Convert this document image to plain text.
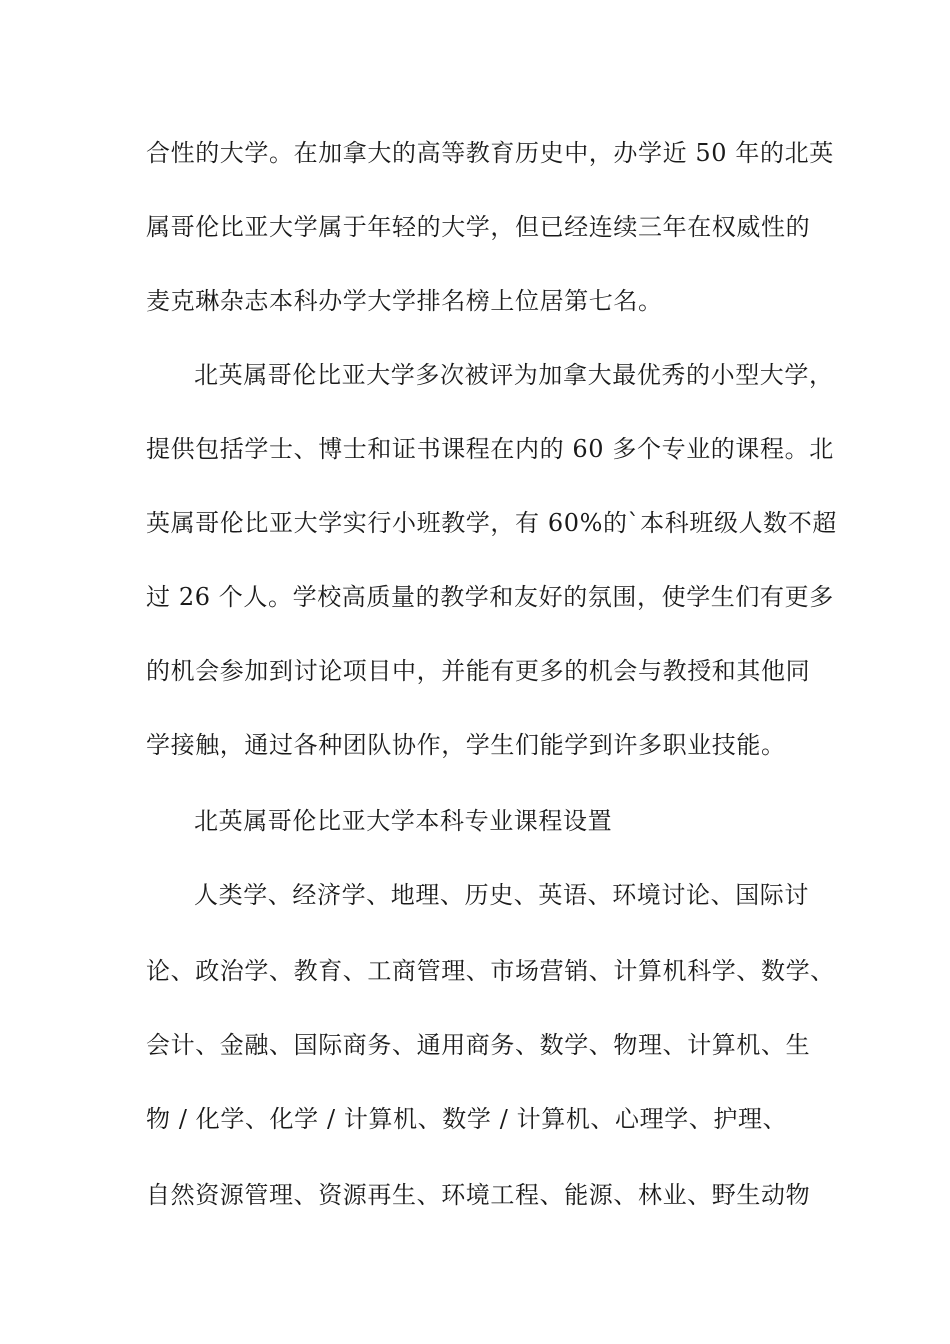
合性的大学。在加拿大的高等教育历史中，办学近 50 年的北英
属哥伦比亚大学属于年轻的大学，但已经连续三年在权威性的
麦克琳杂志本科办学大学排名榜上位居第七名。
北英属哥伦比亚大学多次被评为加拿大最优秀的小型大学，
提供包括学士、博士和证书课程在内的 60 多个专业的课程。北
英属哥伦比亚大学实行小班教学，有 60%的`本科班级人数不超
过 26 个人。学校高质量的教学和友好的氛围，使学生们有更多
的机会参加到讨论项目中，并能有更多的机会与教授和其他同
学接触，通过各种团队协作，学生们能学到许多职业技能。
北英属哥伦比亚大学本科专业课程设置
人类学、经济学、地理、历史、英语、环境讨论、国际讨
论、政治学、教育、工商管理、市场营销、计算机科学、数学、
会计、金融、国际商务、通用商务、数学、物理、计算机、生
物 / 化学、化学 / 计算机、数学 / 计算机、心理学、护理、
自然资源管理、资源再生、环境工程、能源、林业、野生动物
